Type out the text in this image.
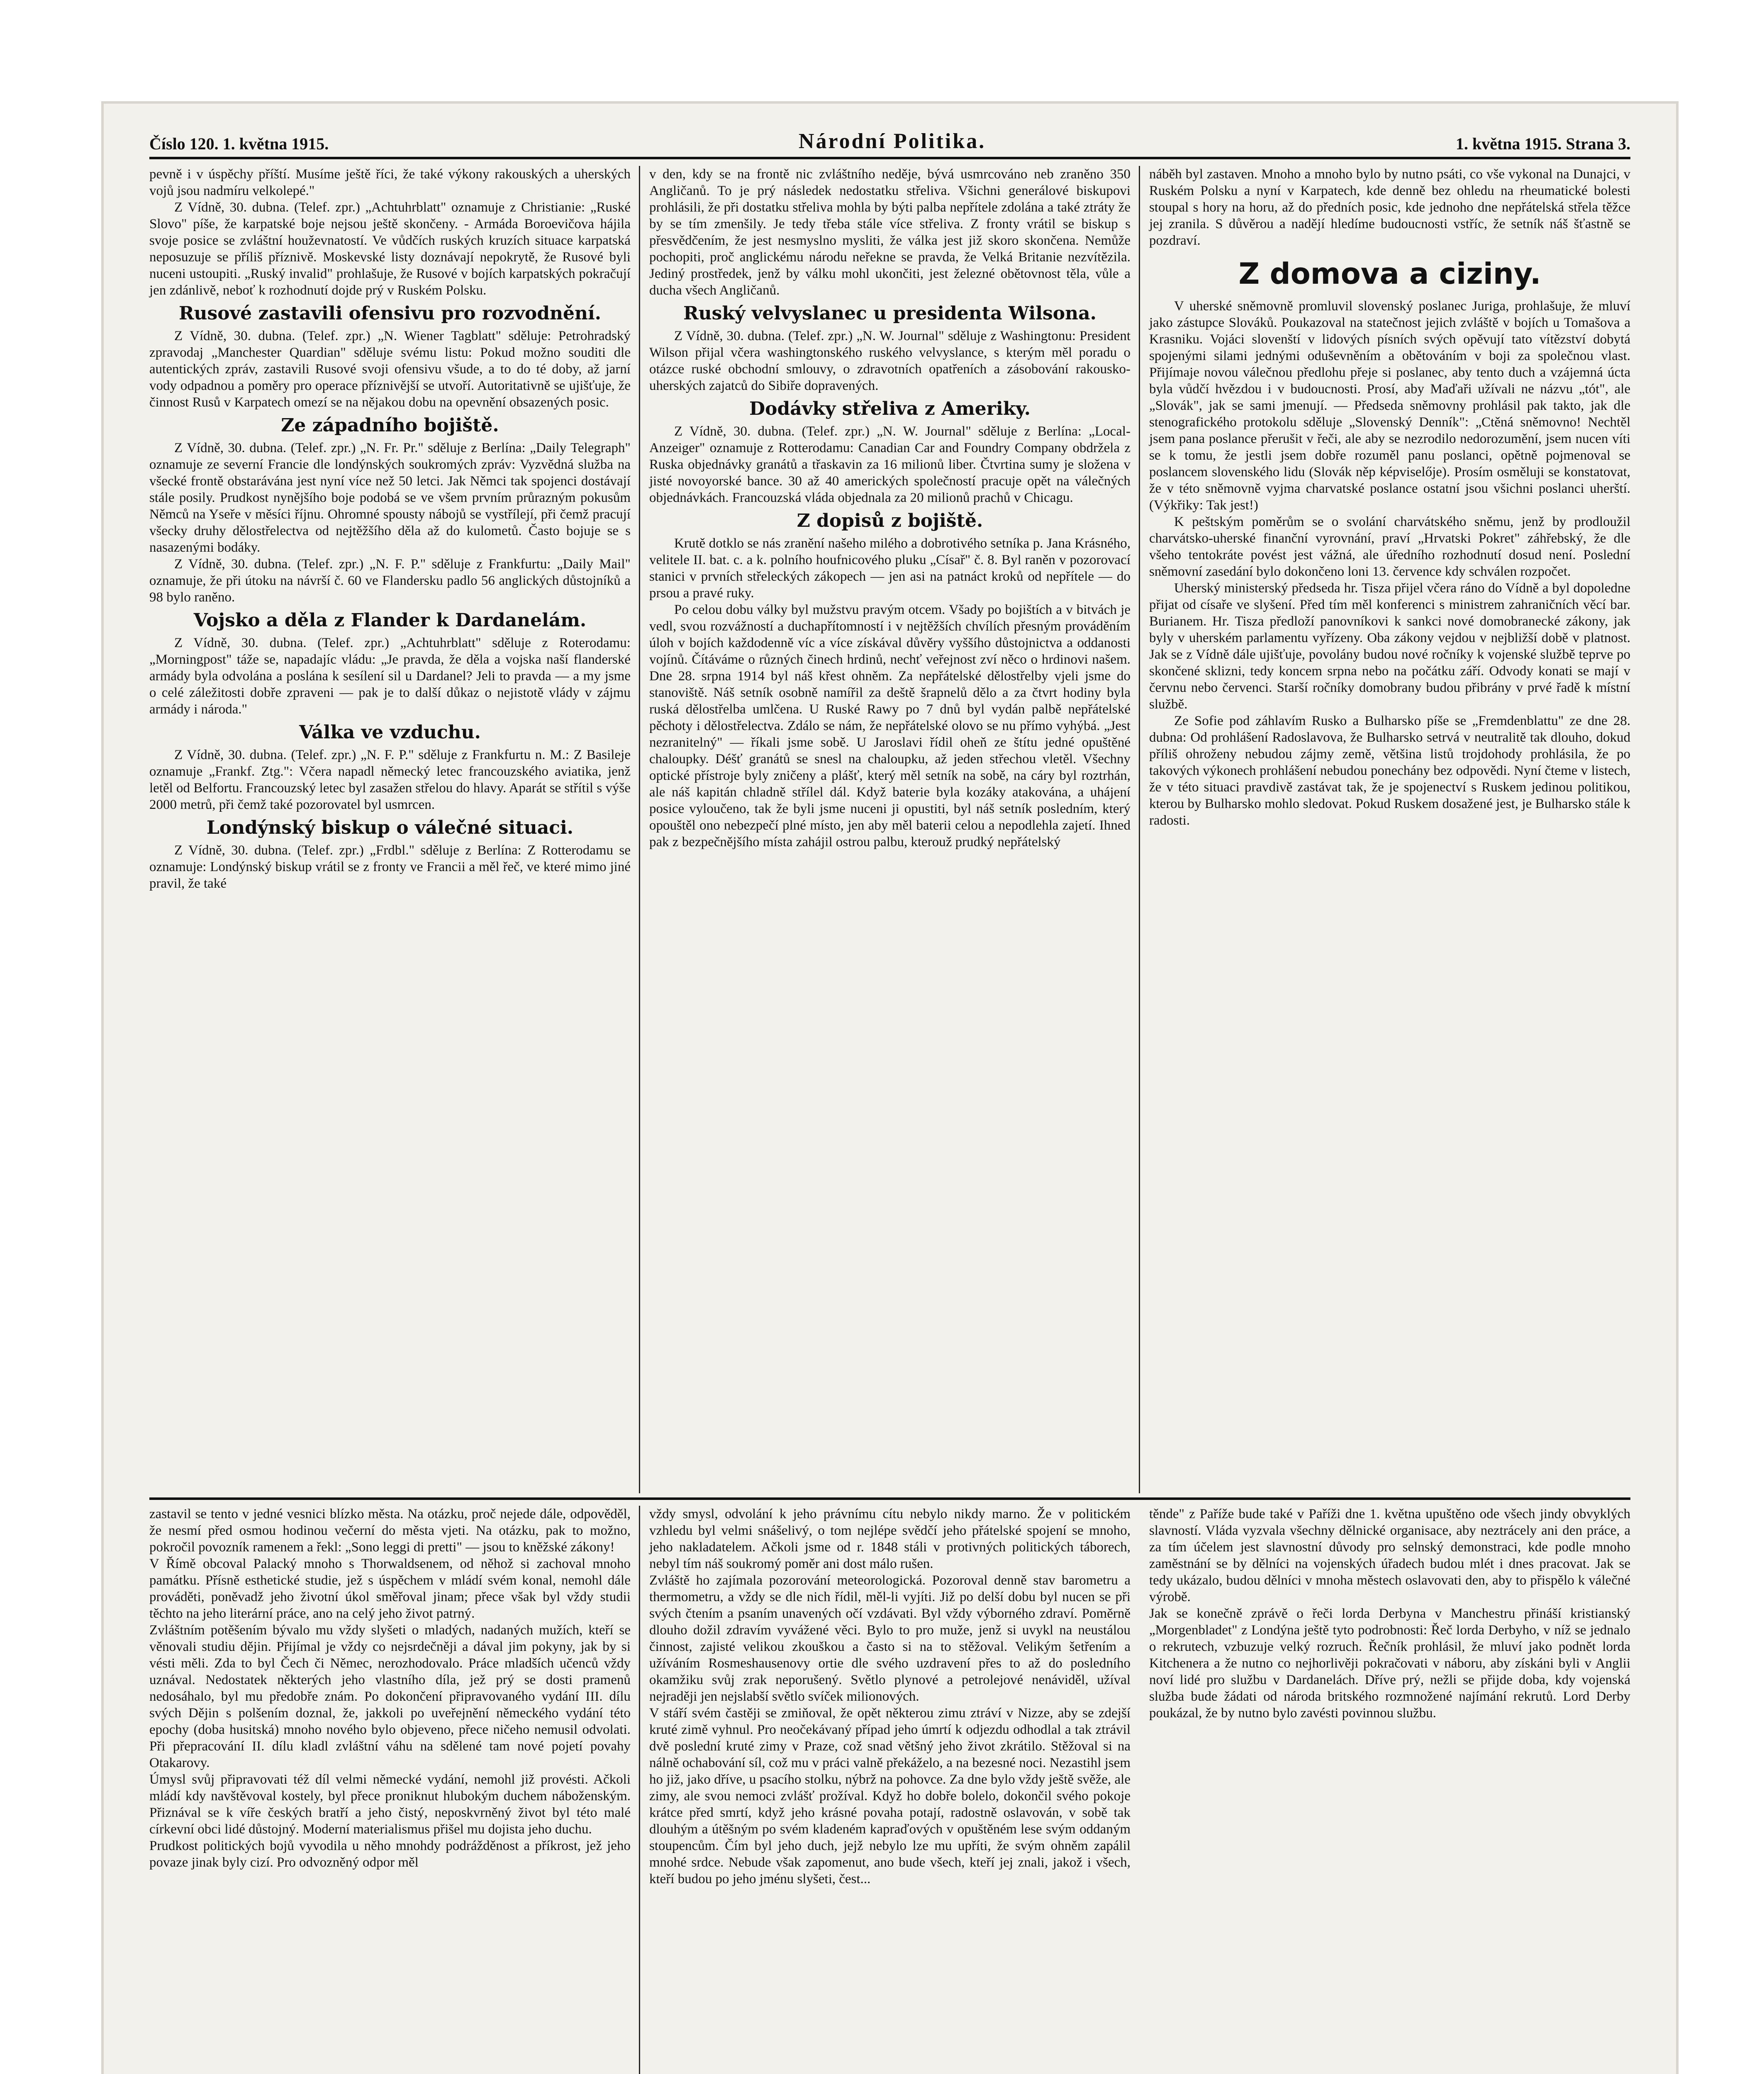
Číslo 120. 1. května 1915.	Národní Politika.	1. května 1915. Strana 3.

pevně i v úspěchy příští. Musíme ještě říci, že také výkony rakouských a uherských vojů jsou nadmíru velkolepé."

Z Vídně, 30. dubna. (Telef. zpr.) „Achtuhrblatt" oznamuje z Christianie: „Ruské Slovo" píše, že karpatské boje nejsou ještě skončeny. - Armáda Boroevičova hájila svoje posice se zvláštní houževnatostí. Ve vůdčích ruských kruzích situace karpatská neposuzuje se příliš příznivě. Moskevské listy doznávají nepokrytě, že Rusové byli nuceni ustoupiti. „Ruský invalid" prohlašuje, že Rusové v bojích karpatských pokračují jen zdánlivě, neboť k rozhodnutí dojde prý v Ruském Polsku.

Rusové zastavili ofensivu pro rozvodnění.

Z Vídně, 30. dubna. (Telef. zpr.) „N. Wiener Tagblatt" sděluje: Petrohradský zpravodaj „Manchester Quardian" sděluje svému listu: Pokud možno souditi dle autentických zpráv, zastavili Rusové svoji ofensivu všude, a to do té doby, až jarní vody odpadnou a poměry pro operace příznivější se utvoří. Autoritativně se ujišťuje, že činnost Rusů v Karpatech omezí se na nějakou dobu na opevnění obsazených posic.

Ze západního bojiště.

Z Vídně, 30. dubna. (Telef. zpr.) „N. Fr. Pr." sděluje z Berlína: „Daily Telegraph" oznamuje ze severní Francie dle londýnských soukromých zpráv: Vyzvědná služba na všecké frontě obstarávána jest nyní více než 50 letci. Jak Němci tak spojenci dostávají stále posily. Prudkost nynějšího boje podobá se ve všem prvním průrazným pokusům Němců na Yseře v měsíci říjnu. Ohromné spousty nábojů se vystřílejí, při čemž pracují všecky druhy dělostřelectva od nejtěžšího děla až do kulometů. Často bojuje se s nasazenými bodáky.

Z Vídně, 30. dubna. (Telef. zpr.) „N. F. P." sděluje z Frankfurtu: „Daily Mail" oznamuje, že při útoku na návrší č. 60 ve Flandersku padlo 56 anglických důstojníků a 98 bylo raněno.

Vojsko a děla z Flander k Dardanelám.

Z Vídně, 30. dubna. (Telef. zpr.) „Achtuhrblatt" sděluje z Roterodamu: „Morningpost" táže se, napadajíc vládu: „Je pravda, že děla a vojska naší flanderské armády byla odvolána a poslána k sesílení sil u Dardanel? Jeli to pravda — a my jsme o celé záležitosti dobře zpraveni — pak je to další důkaz o nejistotě vlády v zájmu armády i národa."

Válka ve vzduchu.

Z Vídně, 30. dubna. (Telef. zpr.) „N. F. P." sděluje z Frankfurtu n. M.: Z Basileje oznamuje „Frankf. Ztg.": Včera napadl německý letec francouzského aviatika, jenž letěl od Belfortu. Francouzský letec byl zasažen střelou do hlavy. Aparát se střítil s výše 2000 metrů, při čemž také pozorovatel byl usmrcen.

Londýnský biskup o válečné situaci.

Z Vídně, 30. dubna. (Telef. zpr.) „Frdbl." sděluje z Berlína: Z Rotterodamu se oznamuje: Londýnský biskup vrátil se z fronty ve Francii a měl řeč, ve které mimo jiné pravil, že také

v den, kdy se na frontě nic zvláštního neděje, bývá usmrcováno neb zraněno 350 Angličanů. To je prý následek nedostatku střeliva. Všichni generálové biskupovi prohlásili, že při dostatku střeliva mohla by býti palba nepřítele zdolána a také ztráty že by se tím zmenšily. Je tedy třeba stále více střeliva. Z fronty vrátil se biskup s přesvědčením, že jest nesmyslno mysliti, že válka jest již skoro skončena. Nemůže pochopiti, proč anglickému národu neřekne se pravda, že Velká Britanie nezvítězila. Jediný prostředek, jenž by válku mohl ukončiti, jest železné obětovnost těla, vůle a ducha všech Angličanů.

Ruský velvyslanec u presidenta Wilsona.

Z Vídně, 30. dubna. (Telef. zpr.) „N. W. Journal" sděluje z Washingtonu: President Wilson přijal včera washingtonského ruského velvyslance, s kterým měl poradu o otázce ruské obchodní smlouvy, o zdravotních opatřeních a zásobování rakousko-uherských zajatců do Sibiře dopravených.

Dodávky střeliva z Ameriky.

Z Vídně, 30. dubna. (Telef. zpr.) „N. W. Journal" sděluje z Berlína: „Local-Anzeiger" oznamuje z Rotterodamu: Canadian Car and Foundry Company obdržela z Ruska objednávky granátů a třaskavin za 16 milionů liber. Čtvrtina sumy je složena v jisté novoyorské bance. 30 až 40 amerických společností pracuje opět na válečných objednávkách. Francouzská vláda objednala za 20 milionů prachů v Chicagu.

Z dopisů z bojiště.

Krutě dotklo se nás zranění našeho milého a dobrotivého setníka p. Jana Krásného, velitele II. bat. c. a k. polního houfnicového pluku „Císař" č. 8. Byl raněn v pozorovací stanici v prvních střeleckých zákopech — jen asi na patnáct kroků od nepřítele — do prsou a pravé ruky.

Po celou dobu války byl mužstvu pravým otcem. Všady po bojištích a v bitvách je vedl, svou rozvážností a duchapřítomností i v nejtěžších chvílích přesným prováděním úloh v bojích každodenně víc a více získával důvěry vyššího důstojnictva a oddanosti vojínů. Čítáváme o různých činech hrdinů, nechť veřejnost zví něco o hrdinovi našem. Dne 28. srpna 1914 byl náš křest ohněm. Za nepřátelské dělostřelby vjeli jsme do stanoviště. Náš setník osobně namířil za deště šrapnelů dělo a za čtvrt hodiny byla ruská dělostřelba umlčena. U Ruské Rawy po 7 dnů byl vydán palbě nepřátelské pěchoty i dělostřelectva. Zdálo se nám, že nepřátelské olovo se nu přímo vyhýbá. „Jest nezranitelný" — říkali jsme sobě. U Jaroslavi řídil oheň ze štítu jedné opuštěné chaloupky. Déšť granátů se snesl na chaloupku, až jeden střechou vletěl. Všechny optické přístroje byly zničeny a plášť, který měl setník na sobě, na cáry byl roztrhán, ale náš kapitán chladně střílel dál. Když baterie byla kozáky atakována, a uhájení posice vyloučeno, tak že byli jsme nuceni ji opustiti, byl náš setník posledním, který opouštěl ono nebezpečí plné místo, jen aby měl baterii celou a nepodlehla zajetí. Ihned pak z bezpečnějšího místa zahájil ostrou palbu, kterouž prudký nepřátelský

náběh byl zastaven. Mnoho a mnoho bylo by nutno psáti, co vše vykonal na Dunajci, v Ruském Polsku a nyní v Karpatech, kde denně bez ohledu na rheumatické bolesti stoupal s hory na horu, až do předních posic, kde jednoho dne nepřátelská střela těžce jej zranila. S důvěrou a nadějí hledíme budoucnosti vstříc, že setník náš šťastně se pozdraví.

Z domova a ciziny.

V uherské sněmovně promluvil slovenský poslanec Juriga, prohlašuje, že mluví jako zástupce Slováků. Poukazoval na statečnost jejich zvláště v bojích u Tomašova a Krasniku. Vojáci slovenští v lidových písních svých opěvují tato vítězství dobytá spojenými silami jednými oduševněním a obětováním v boji za společnou vlast. Přijímaje novou válečnou předlohu přeje si poslanec, aby tento duch a vzájemná úcta byla vůdčí hvězdou i v budoucnosti. Prosí, aby Maďaři užívali ne názvu „tót", ale „Slovák", jak se sami jmenují. — Předseda sněmovny prohlásil pak takto, jak dle stenografického protokolu sděluje „Slovenský Denník": „Ctěná sněmovno! Nechtěl jsem pana poslance přerušit v řeči, ale aby se nezrodilo nedorozumění, jsem nucen víti se k tomu, že jestli jsem dobře rozuměl panu poslanci, opětně pojmenoval se poslancem slovenského lidu (Slovák něp képviselője). Prosím osměluji se konstatovat, že v této sněmovně vyjma charvatské poslance ostatní jsou všichni poslanci uherští. (Výkřiky: Tak jest!)

K peštským poměrům se o svolání charvátského sněmu, jenž by prodloužil charvátsko-uherské finanční vyrovnání, praví „Hrvatski Pokret" záhřebský, že dle všeho tentokráte povést jest vážná, ale úředního rozhodnutí dosud není. Poslední sněmovní zasedání bylo dokončeno loni 13. července kdy schválen rozpočet.

Uherský ministerský předseda hr. Tisza přijel včera ráno do Vídně a byl dopoledne přijat od císaře ve slyšení. Před tím měl konferenci s ministrem zahraničních věcí bar. Burianem. Hr. Tisza předloží panovníkovi k sankci nové domobranecké zákony, jak byly v uherském parlamentu vyřízeny. Oba zákony vejdou v nejbližší době v platnost. Jak se z Vídně dále ujišťuje, povolány budou nové ročníky k vojenské službě teprve po skončené sklizni, tedy koncem srpna nebo na počátku září. Odvody konati se mají v červnu nebo červenci. Starší ročníky domobrany budou přibrány v prvé řadě k místní službě.

Ze Sofie pod záhlavím Rusko a Bulharsko píše se „Fremdenblattu" ze dne 28. dubna: Od prohlášení Radoslavova, že Bulharsko setrvá v neutralitě tak dlouho, dokud příliš ohroženy nebudou zájmy země, většina listů trojdohody prohlásila, že po takových výkonech prohlášení nebudou ponechány bez odpovědi. Nyní čteme v listech, že v této situaci pravdivě zastávat tak, že je spojenectví s Ruskem jedinou politikou, kterou by Bulharsko mohlo sledovat. Pokud Ruskem dosažené jest, je Bulharsko stále k radosti.

zastavil se tento v jedné vesnici blízko města. Na otázku, proč nejede dále, odpověděl, že nesmí před osmou hodinou večerní do města vjeti. Na otázku, pak to možno, pokročil povozník ramenem a řekl: „Sono leggi di pretti" — jsou to kněžské zákony!
V Římě obcoval Palacký mnoho s Thorwaldsenem, od něhož si zachoval mnoho památku. Přísně esthetické studie, jež s úspěchem v mládí svém konal, nemohl dále prováděti, poněvadž jeho životní úkol směřoval jinam; přece však byl vždy studii těchto na jeho literární práce, ano na celý jeho život patrný.
Zvláštním potěšením bývalo mu vždy slyšeti o mladých, nadaných mužích, kteří se věnovali studiu dějin. Přijímal je vždy co nejsrdečněji a dával jim pokyny, jak by si vésti měli. Zda to byl Čech či Němec, nerozhodovalo. Práce mladších učenců vždy uznával. Nedostatek některých jeho vlastního díla, jež prý se dosti pramenů nedosáhalo, byl mu předobře znám. Po dokončení připravovaného vydání III. dílu svých Dějin s polšením doznal, že, jakkoli po uveřejnění německého vydání této epochy (doba husitská) mnoho nového bylo objeveno, přece ničeho nemusil odvolati. Při přepracování II. dílu kladl zvláštní váhu na sdělené tam nové pojetí povahy Otakarovy.
Úmysl svůj připravovati též díl velmi německé vydání, nemohl již provésti. Ačkoli mládí kdy navštěvoval kostely, byl přece proniknut hlubokým duchem náboženským. Přiznával se k víře českých bratří a jeho čistý, neposkvrněný život byl této malé církevní obci lidé důstojný. Moderní materialismus přišel mu dojista jeho duchu.
Prudkost politických bojů vyvodila u něho mnohdy podrážděnost a příkrost, jež jeho povaze jinak byly cizí. Pro odvozněný odpor měl

vždy smysl, odvolání k jeho právnímu cítu nebylo nikdy marno. Že v politickém vzhledu byl velmi snášelivý, o tom nejlépe svědčí jeho přátelské spojení se mnoho, jeho nakladatelem. Ačkoli jsme od r. 1848 stáli v protivných politických táborech, nebyl tím náš soukromý poměr ani dost málo rušen.
Zvláště ho zajímala pozorování meteorologická. Pozoroval denně stav barometru a thermometru, a vždy se dle nich řídil, měl-li vyjíti. Již po delší dobu byl nucen se při svých čtením a psaním unavených očí vzdávati. Byl vždy výborného zdraví. Poměrně dlouho dožil zdravím vyvážené věci. Bylo to pro muže, jenž si uvykl na neustálou činnost, zajisté velikou zkouškou a často si na to stěžoval. Velikým šetřením a užíváním Rosmeshausenovy ortie dle svého uzdravení přes to až do posledního okamžiku svůj zrak neporušený. Světlo plynové a petrolejové nenáviděl, užíval nejraději jen nejslabší světlo svíček milionových.
V stáří svém častěji se zmiňoval, že opět některou zimu ztráví v Nizze, aby se zdejší kruté zimě vyhnul. Pro neočekávaný případ jeho úmrtí k odjezdu odhodlal a tak ztrávil dvě poslední kruté zimy v Praze, což snad většný jeho život zkrátilo. Stěžoval si na nálně ochabování síl, což mu v práci valně překáželo, a na bezesné noci. Nezastihl jsem ho již, jako dříve, u psacího stolku, nýbrž na pohovce. Za dne bylo vždy ještě svěže, ale zimy, ale svou nemoci zvlášť prožíval. Když ho dobře bolelo, dokončil svého pokoje krátce před smrtí, když jeho krásné povaha potají, radostně oslavován, v sobě tak dlouhým a útěšným po svém kladeném kapraďových v opuštěném lese svým oddaným stoupencům. Čím byl jeho duch, jejž nebylo lze mu upříti, že svým ohněm zapálil mnohé srdce. Nebude však zapomenut, ano bude všech, kteří jej znali, jakož i všech, kteří budou po jeho jménu slyšeti, čest...

těnde" z Paříže bude také v Paříži dne 1. května upuštěno ode všech jindy obvyklých slavností. Vláda vyzvala všechny dělnické organisace, aby neztrácely ani den práce, a za tím účelem jest slavnostní důvody pro selnský demonstraci, kde podle mnoho zaměstnání se by dělníci na vojenských úřadech budou mlét i dnes pracovat. Jak se tedy ukázalo, budou dělníci v mnoha městech oslavovati den, aby to přispělo k válečné výrobě.
Jak se konečně zprávě o řeči lorda Derbyna v Manchestru přináší kristianský „Morgenbladet" z Londýna ještě tyto podrobnosti: Řeč lorda Derbyho, v níž se jednalo o rekrutech, vzbuzuje velký rozruch. Řečník prohlásil, že mluví jako podnět lorda Kitchenera a že nutno co nejhorlivěji pokračovati v náboru, aby získáni byli v Anglii noví lidé pro službu v Dardanelách. Dříve prý, nežli se přijde doba, kdy vojenská služba bude žádati od národa britského rozmnožené najímání rekrutů. Lord Derby poukázal, že by nutno bylo zavésti povinnou službu.
